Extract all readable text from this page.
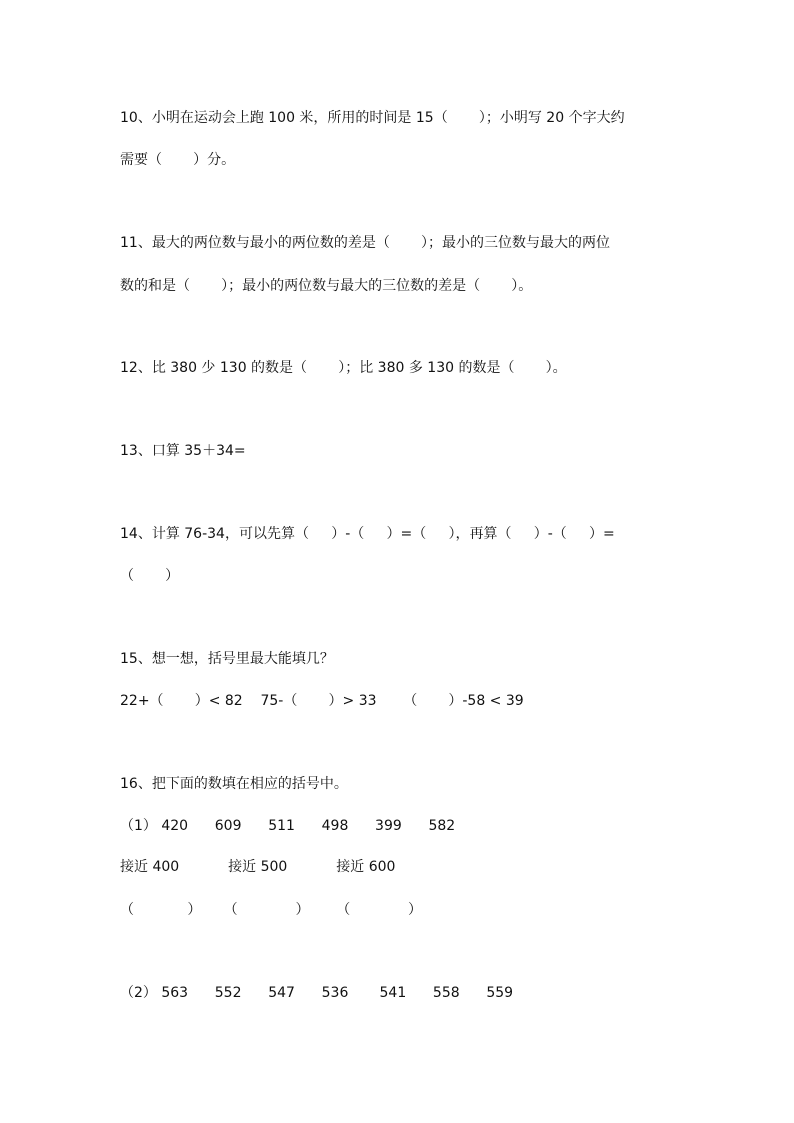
10、小明在运动会上跑 100 米，所用的时间是 15（       ）；小明写 20 个字大约
需要（       ）分。
11、最大的两位数与最小的两位数的差是（       ）；最小的三位数与最大的两位
数的和是（       ）；最小的两位数与最大的三位数的差是（       ）。
12、比 380 少 130 的数是（       ）；比 380 多 130 的数是（       ）。
13、口算 35＋34=
14、计算 76-34，可以先算（     ）-（     ）=（     ），再算（     ）-（     ）=
（       ）
15、想一想，括号里最大能填几？
22+（       ）< 82    75-（       ）> 33      （       ）-58 < 39
16、把下面的数填在相应的括号中。
（1） 420      609      511      498      399      582
接近 400           接近 500           接近 600
（            ）     （             ）      （             ）
（2） 563      552      547      536       541      558      559
